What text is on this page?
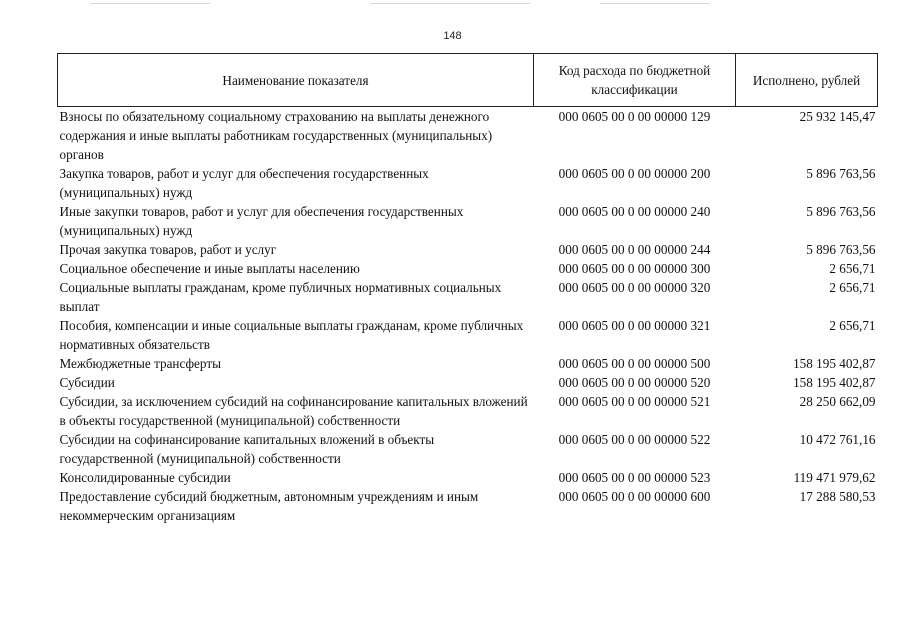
148
Наименование показателя	Код расхода по бюджетной классификации	Исполнено, рублей
Взносы по обязательному социальному страхованию на выплаты денежного содержания и иные выплаты работникам государственных (муниципальных) органов	000 0605 00 0 00 00000 129	25 932 145,47
Закупка товаров, работ и услуг для обеспечения государственных (муниципальных) нужд	000 0605 00 0 00 00000 200	5 896 763,56
Иные закупки товаров, работ и услуг для обеспечения государственных (муниципальных) нужд	000 0605 00 0 00 00000 240	5 896 763,56
Прочая закупка товаров, работ и услуг	000 0605 00 0 00 00000 244	5 896 763,56
Социальное обеспечение и иные выплаты населению	000 0605 00 0 00 00000 300	2 656,71
Социальные выплаты гражданам, кроме публичных нормативных социальных выплат	000 0605 00 0 00 00000 320	2 656,71
Пособия, компенсации и иные социальные выплаты гражданам, кроме публичных нормативных обязательств	000 0605 00 0 00 00000 321	2 656,71
Межбюджетные трансферты	000 0605 00 0 00 00000 500	158 195 402,87
Субсидии	000 0605 00 0 00 00000 520	158 195 402,87
Субсидии, за исключением субсидий на софинансирование капитальных вложений в объекты государственной (муниципальной) собственности	000 0605 00 0 00 00000 521	28 250 662,09
Субсидии на софинансирование капитальных вложений в объекты государственной (муниципальной) собственности	000 0605 00 0 00 00000 522	10 472 761,16
Консолидированные субсидии	000 0605 00 0 00 00000 523	119 471 979,62
Предоставление субсидий бюджетным, автономным учреждениям и иным некоммерческим организациям	000 0605 00 0 00 00000 600	17 288 580,53
